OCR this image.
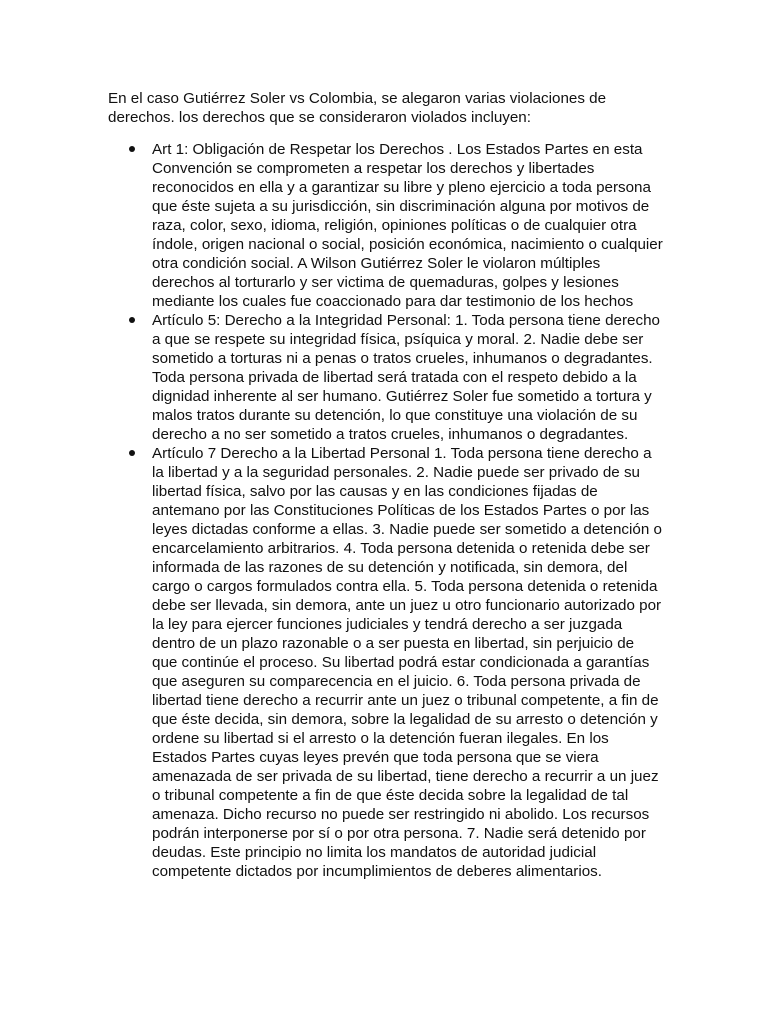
En el caso Gutiérrez Soler vs Colombia, se alegaron varias violaciones de derechos. los derechos que se consideraron violados incluyen:

Art 1: Obligación de Respetar los Derechos . Los Estados Partes en esta Convención se comprometen a respetar los derechos y libertades reconocidos en ella y a garantizar su libre y pleno ejercicio a toda persona que éste sujeta a su jurisdicción, sin discriminación alguna por motivos de raza, color, sexo, idioma, religión, opiniones políticas o de cualquier otra índole, origen nacional o social, posición económica, nacimiento o cualquier otra condición social. A Wilson Gutiérrez Soler le violaron múltiples derechos al torturarlo y ser victima de quemaduras, golpes y lesiones mediante los cuales fue coaccionado para dar testimonio de los hechos
Artículo 5: Derecho a la Integridad Personal: 1. Toda persona tiene derecho a que se respete su integridad física, psíquica y moral. 2. Nadie debe ser sometido a torturas ni a penas o tratos crueles, inhumanos o degradantes. Toda persona privada de libertad será tratada con el respeto debido a la dignidad inherente al ser humano. Gutiérrez Soler fue sometido a tortura y malos tratos durante su detención, lo que constituye una violación de su derecho a no ser sometido a tratos crueles, inhumanos o degradantes.
Artículo 7 Derecho a la Libertad Personal 1. Toda persona tiene derecho a la libertad y a la seguridad personales. 2. Nadie puede ser privado de su libertad física, salvo por las causas y en las condiciones fijadas de antemano por las Constituciones Políticas de los Estados Partes o por las leyes dictadas conforme a ellas. 3. Nadie puede ser sometido a detención o encarcelamiento arbitrarios. 4. Toda persona detenida o retenida debe ser informada de las razones de su detención y notificada, sin demora, del cargo o cargos formulados contra ella. 5. Toda persona detenida o retenida debe ser llevada, sin demora, ante un juez u otro funcionario autorizado por la ley para ejercer funciones judiciales y tendrá derecho a ser juzgada dentro de un plazo razonable o a ser puesta en libertad, sin perjuicio de que continúe el proceso. Su libertad podrá estar condicionada a garantías que aseguren su comparecencia en el juicio. 6. Toda persona privada de libertad tiene derecho a recurrir ante un juez o tribunal competente, a fin de que éste decida, sin demora, sobre la legalidad de su arresto o detención y ordene su libertad si el arresto o la detención fueran ilegales. En los Estados Partes cuyas leyes prevén que toda persona que se viera amenazada de ser privada de su libertad, tiene derecho a recurrir a un juez o tribunal competente a fin de que éste decida sobre la legalidad de tal amenaza. Dicho recurso no puede ser restringido ni abolido. Los recursos podrán interponerse por sí o por otra persona. 7. Nadie será detenido por deudas. Este principio no limita los mandatos de autoridad judicial competente dictados por incumplimientos de deberes alimentarios.
